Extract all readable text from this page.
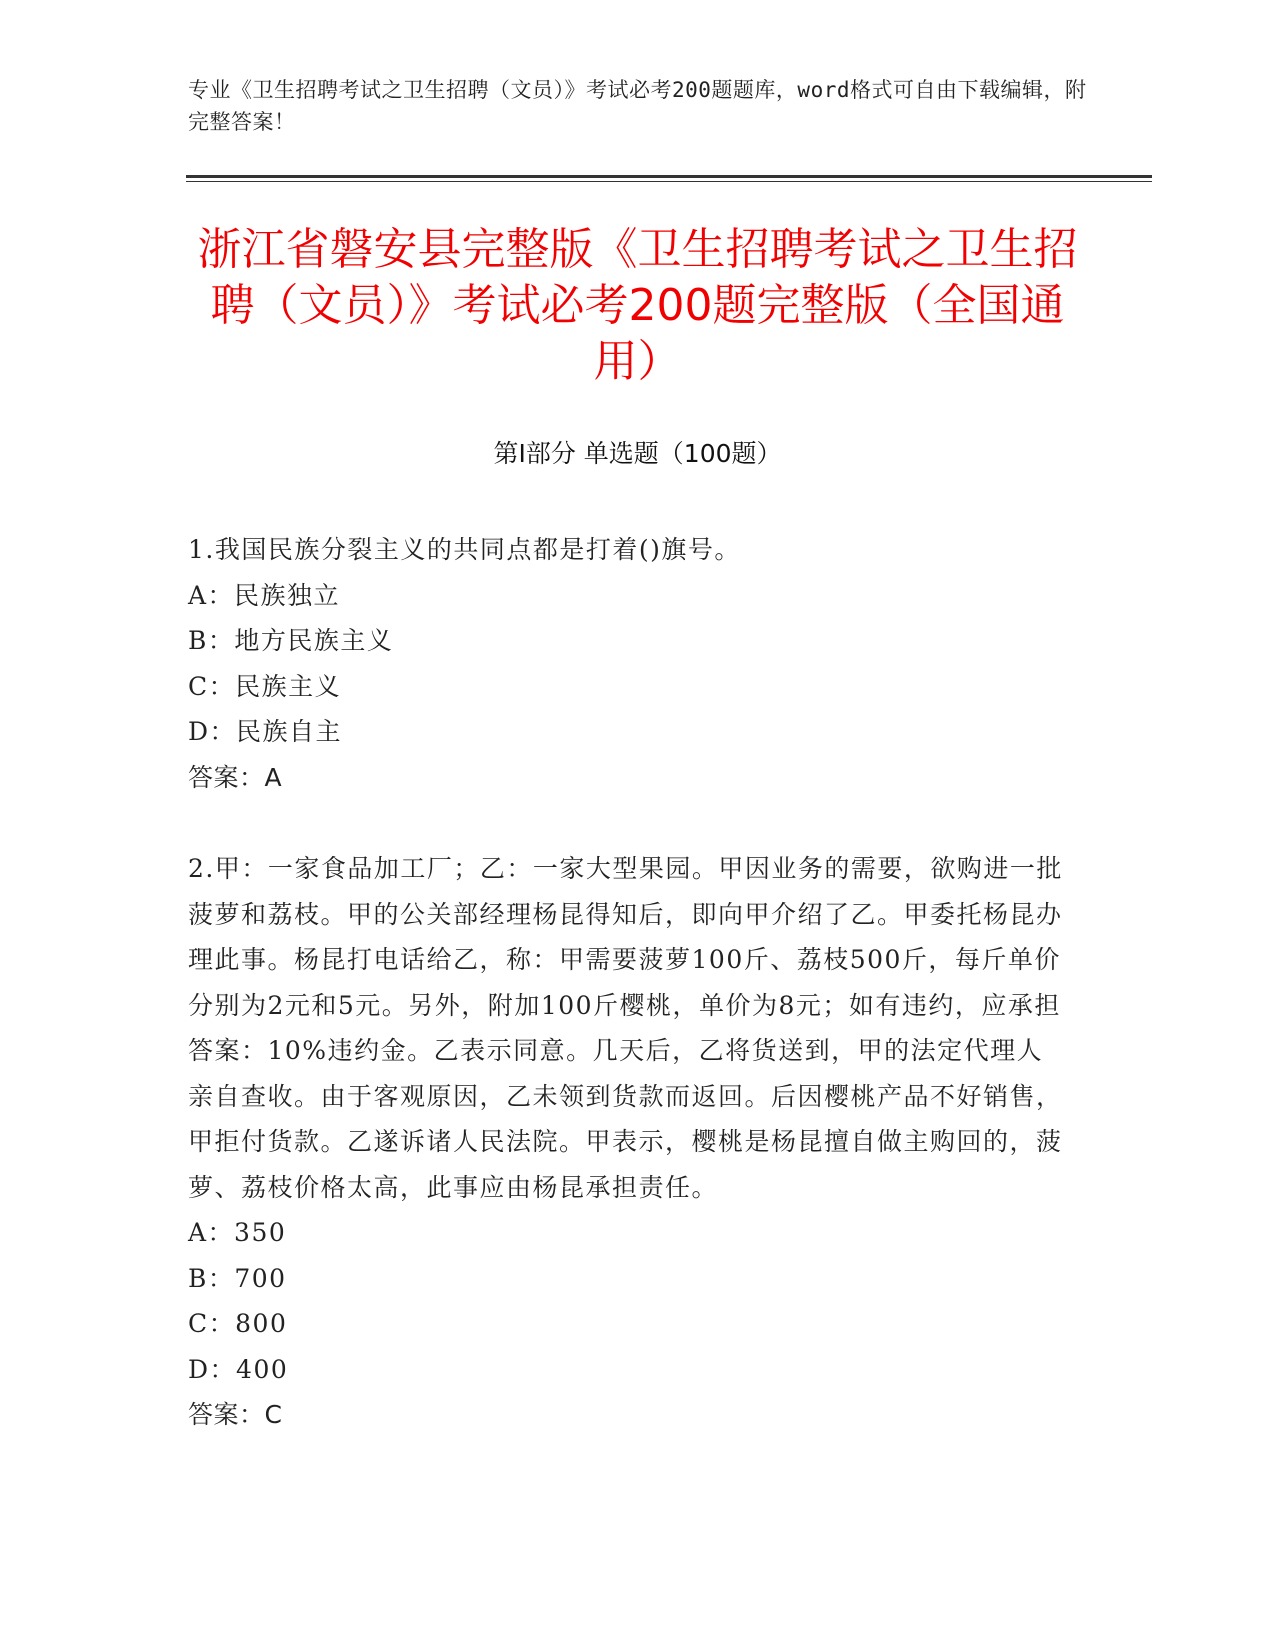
专业《卫生招聘考试之卫生招聘（文员）》考试必考200题题库，word格式可自由下载编辑，附完整答案！

浙江省磐安县完整版《卫生招聘考试之卫生招聘（文员）》考试必考200题完整版（全国通用）
第Ⅰ部分 单选题（100题）

1.我国民族分裂主义的共同点都是打着()旗号。

A：民族独立
B：地方民族主义
C：民族主义
D：民族自主

答案：A

2.甲：一家食品加工厂；乙：一家大型果园。甲因业务的需要，欲购进一批菠萝和荔枝。甲的公关部经理杨昆得知后，即向甲介绍了乙。甲委托杨昆办理此事。杨昆打电话给乙，称：甲需要菠萝100斤、荔枝500斤，每斤单价分别为2元和5元。另外，附加100斤樱桃，单价为8元；如有违约，应承担答案：10%违约金。乙表示同意。几天后，乙将货送到，甲的法定代理人亲自查收。由于客观原因，乙未领到货款而返回。后因樱桃产品不好销售，甲拒付货款。乙遂诉诸人民法院。甲表示，樱桃是杨昆擅自做主购回的，菠萝、荔枝价格太高，此事应由杨昆承担责任。

A：350
B：700
C：800
D：400

答案：C
